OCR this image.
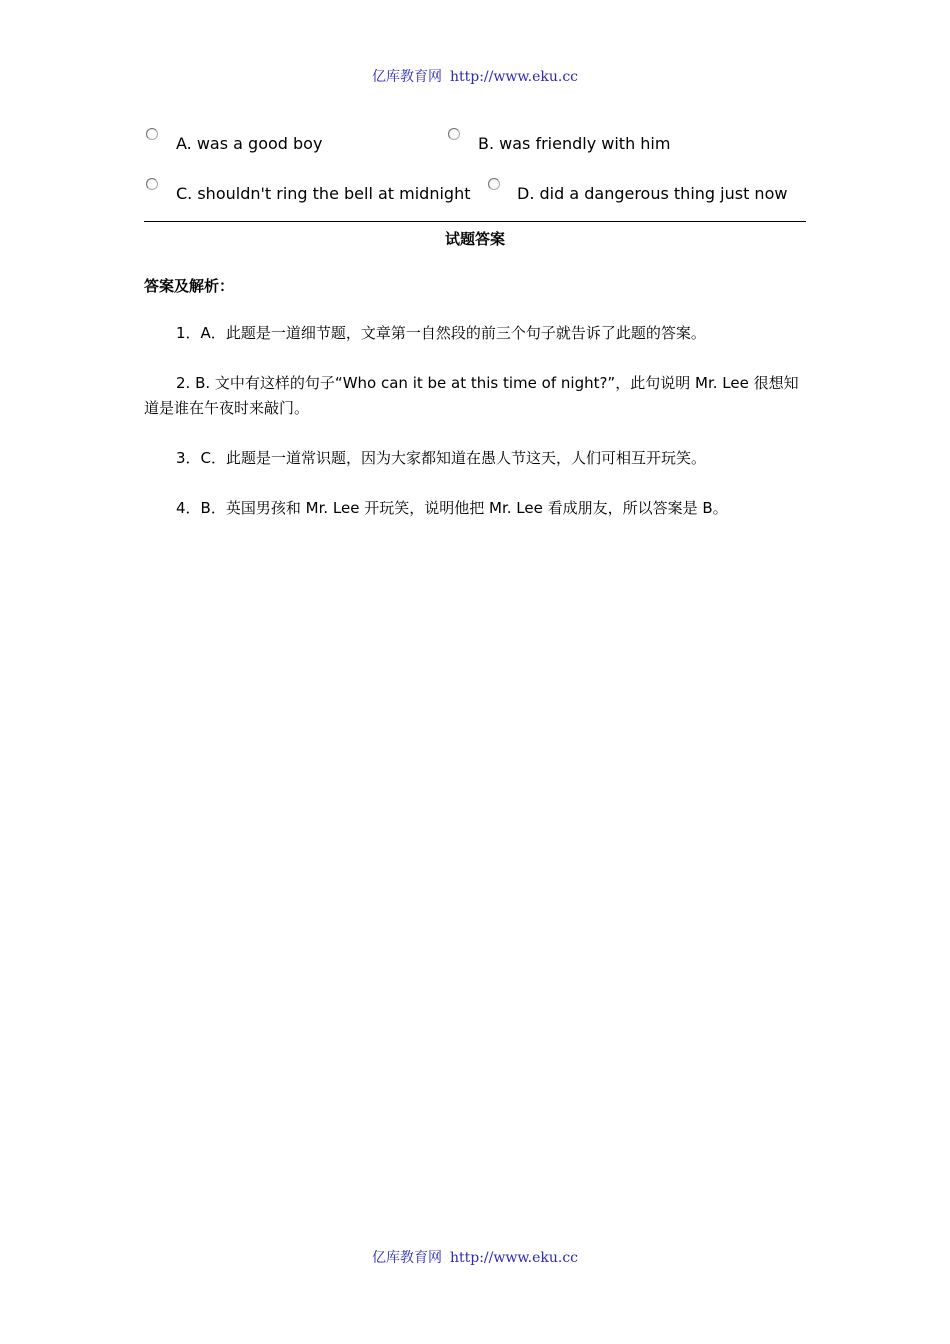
亿库教育网 http://www.eku.cc
A. was a good boy	B. was friendly with him
C. shouldn't ring the bell at midnight	D. did a dangerous thing just now
试题答案
答案及解析：
1．A．此题是一道细节题，文章第一自然段的前三个句子就告诉了此题的答案。
2. B. 文中有这样的句子“Who can it be at this time of night?”，此句说明 Mr. Lee 很想知道是谁在午夜时来敲门。
3．C．此题是一道常识题，因为大家都知道在愚人节这天，人们可相互开玩笑。
4．B．英国男孩和 Mr. Lee 开玩笑，说明他把 Mr. Lee 看成朋友，所以答案是 B。
亿库教育网 http://www.eku.cc
